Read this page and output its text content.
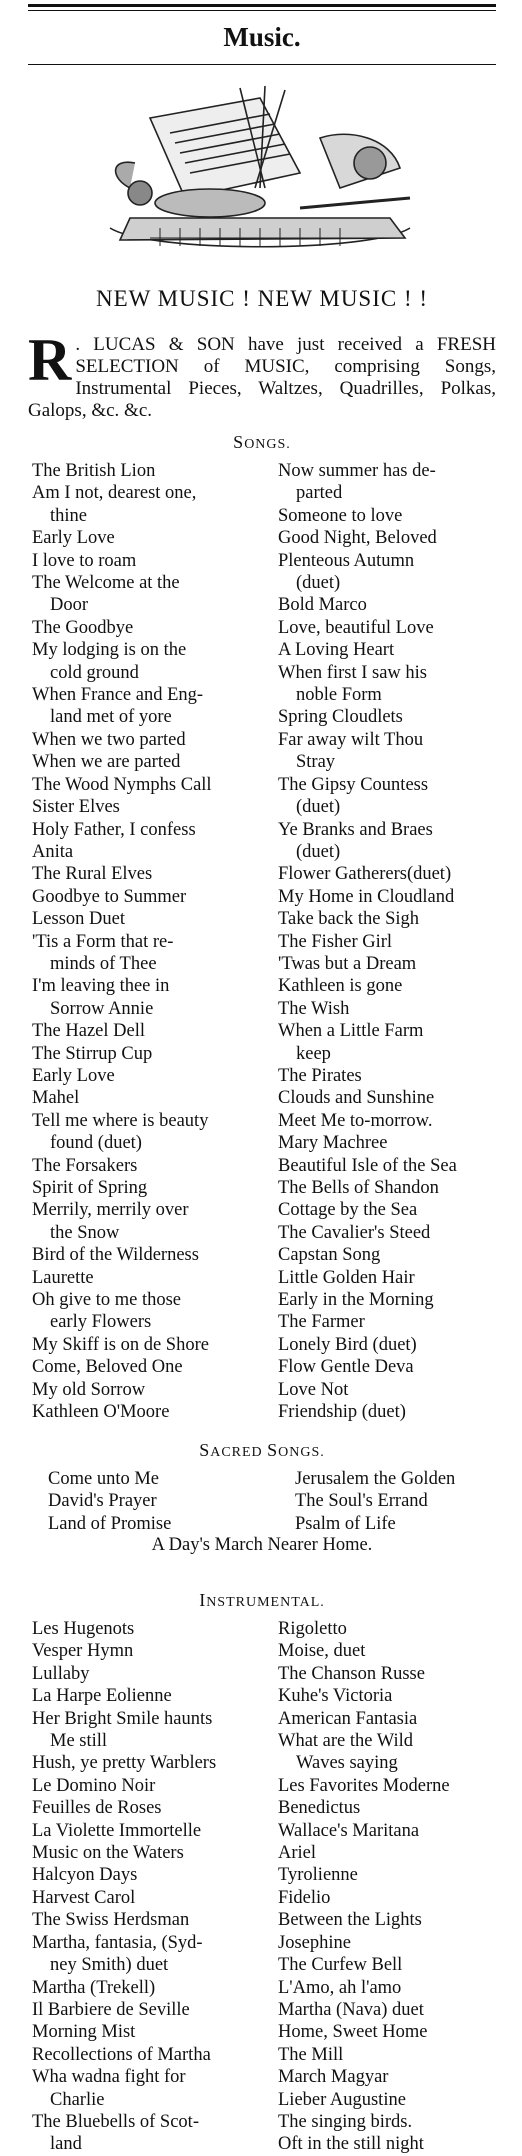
Music.
NEW MUSIC ! NEW MUSIC ! !
R . LUCAS & SON have just received a FRESH SELECTION of MUSIC, comprising Songs, Instrumental Pieces, Waltzes, Quadrilles, Polkas, Galops, &c. &c.
SONGS.
The British Lion
Am I not, dearest one,
thine
Early Love
I love to roam
The Welcome at the
Door
The Goodbye
My lodging is on the
cold ground
When France and Eng-
land met of yore
When we two parted
When we are parted
The Wood Nymphs Call
Sister Elves
Holy Father, I confess
Anita
The Rural Elves
Goodbye to Summer
Lesson Duet
'Tis a Form that re-
minds of Thee
I'm leaving thee in
Sorrow Annie
The Hazel Dell
The Stirrup Cup
Early Love
Mahel
Tell me where is beauty
found (duet)
The Forsakers
Spirit of Spring
Merrily, merrily over
the Snow
Bird of the Wilderness
Laurette
Oh give to me those
early Flowers
My Skiff is on de Shore
Come, Beloved One
My old Sorrow
Kathleen O'Moore
Now summer has de-
parted
Someone to love
Good Night, Beloved
Plenteous Autumn
(duet)
Bold Marco
Love, beautiful Love
A Loving Heart
When first I saw his
noble Form
Spring Cloudlets
Far away wilt Thou
Stray
The Gipsy Countess
(duet)
Ye Branks and Braes
(duet)
Flower Gatherers(duet)
My Home in Cloudland
Take back the Sigh
The Fisher Girl
'Twas but a Dream
Kathleen is gone
The Wish
When a Little Farm
keep
The Pirates
Clouds and Sunshine
Meet Me to-morrow.
Mary Machree
Beautiful Isle of the Sea
The Bells of Shandon
Cottage by the Sea
The Cavalier's Steed
Capstan Song
Little Golden Hair
Early in the Morning
The Farmer
Lonely Bird (duet)
Flow Gentle Deva
Love Not
Friendship (duet)
SACRED SONGS.
Come unto Me
David's Prayer
Land of Promise
Jerusalem the Golden
The Soul's Errand
Psalm of Life
A Day's March Nearer Home.
INSTRUMENTAL.
Les Hugenots
Vesper Hymn
Lullaby
La Harpe Eolienne
Her Bright Smile haunts
Me still
Hush, ye pretty Warblers
Le Domino Noir
Feuilles de Roses
La Violette Immortelle
Music on the Waters
Halcyon Days
Harvest Carol
The Swiss Herdsman
Martha, fantasia, (Syd-
ney Smith) duet
Martha (Trekell)
Il Barbiere de Seville
Morning Mist
Recollections of Martha
Wha wadna fight for
Charlie
The Bluebells of Scot-
land
Rigoletto
Moise, duet
The Chanson Russe
Kuhe's Victoria
American Fantasia
What are the Wild
Waves saying
Les Favorites Moderne
Benedictus
Wallace's Maritana
Ariel
Tyrolienne
Fidelio
Between the Lights
Josephine
The Curfew Bell
L'Amo, ah l'amo
Martha (Nava) duet
Home, Sweet Home
The Mill
March Magyar
Lieber Augustine
The singing birds.
Oft in the still night
